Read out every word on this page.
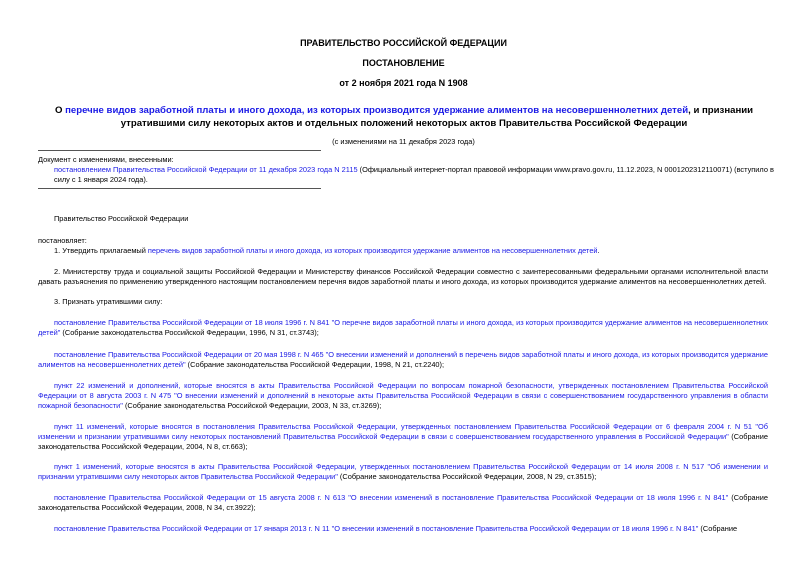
ПРАВИТЕЛЬСТВО РОССИЙСКОЙ ФЕДЕРАЦИИ
ПОСТАНОВЛЕНИЕ
от 2 ноября 2021 года N 1908
О перечне видов заработной платы и иного дохода, из которых производится удержание алиментов на несовершеннолетних детей, и признании утратившими силу некоторых актов и отдельных положений некоторых актов Правительства Российской Федерации
(с изменениями на 11 декабря 2023 года)
Документ с изменениями, внесенными:
постановлением Правительства Российской Федерации от 11 декабря 2023 года N 2115 (Официальный интернет-портал правовой информации www.pravo.gov.ru, 11.12.2023, N 0001202312110071) (вступило в силу с 1 января 2024 года).
Правительство Российской Федерации
постановляет:
1. Утвердить прилагаемый перечень видов заработной платы и иного дохода, из которых производится удержание алиментов на несовершеннолетних детей.
2. Министерству труда и социальной защиты Российской Федерации и Министерству финансов Российской Федерации совместно с заинтересованными федеральными органами исполнительной власти давать разъяснения по применению утвержденного настоящим постановлением перечня видов заработной платы и иного дохода, из которых производится удержание алиментов на несовершеннолетних детей.
3. Признать утратившими силу:
постановление Правительства Российской Федерации от 18 июля 1996 г. N 841 "О перечне видов заработной платы и иного дохода, из которых производится удержание алиментов на несовершеннолетних детей" (Собрание законодательства Российской Федерации, 1996, N 31, ст.3743);
постановление Правительства Российской Федерации от 20 мая 1998 г. N 465 "О внесении изменений и дополнений в перечень видов заработной платы и иного дохода, из которых производится удержание алиментов на несовершеннолетних детей" (Собрание законодательства Российской Федерации, 1998, N 21, ст.2240);
пункт 22 изменений и дополнений, которые вносятся в акты Правительства Российской Федерации по вопросам пожарной безопасности, утвержденных постановлением Правительства Российской Федерации от 8 августа 2003 г. N 475 "О внесении изменений и дополнений в некоторые акты Правительства Российской Федерации в связи с совершенствованием государственного управления в области пожарной безопасности" (Собрание законодательства Российской Федерации, 2003, N 33, ст.3269);
пункт 11 изменений, которые вносятся в постановления Правительства Российской Федерации, утвержденных постановлением Правительства Российской Федерации от 6 февраля 2004 г. N 51 "Об изменении и признании утратившими силу некоторых постановлений Правительства Российской Федерации в связи с совершенствованием государственного управления в Российской Федерации" (Собрание законодательства Российской Федерации, 2004, N 8, ст.663);
пункт 1 изменений, которые вносятся в акты Правительства Российской Федерации, утвержденных постановлением Правительства Российской Федерации от 14 июля 2008 г. N 517 "Об изменении и признании утратившими силу некоторых актов Правительства Российской Федерации" (Собрание законодательства Российской Федерации, 2008, N 29, ст.3515);
постановление Правительства Российской Федерации от 15 августа 2008 г. N 613 "О внесении изменений в постановление Правительства Российской Федерации от 18 июля 1996 г. N 841" (Собрание законодательства Российской Федерации, 2008, N 34, ст.3922);
постановление Правительства Российской Федерации от 17 января 2013 г. N 11 "О внесении изменений в постановление Правительства Российской Федерации от 18 июля 1996 г. N 841" (Собрание
